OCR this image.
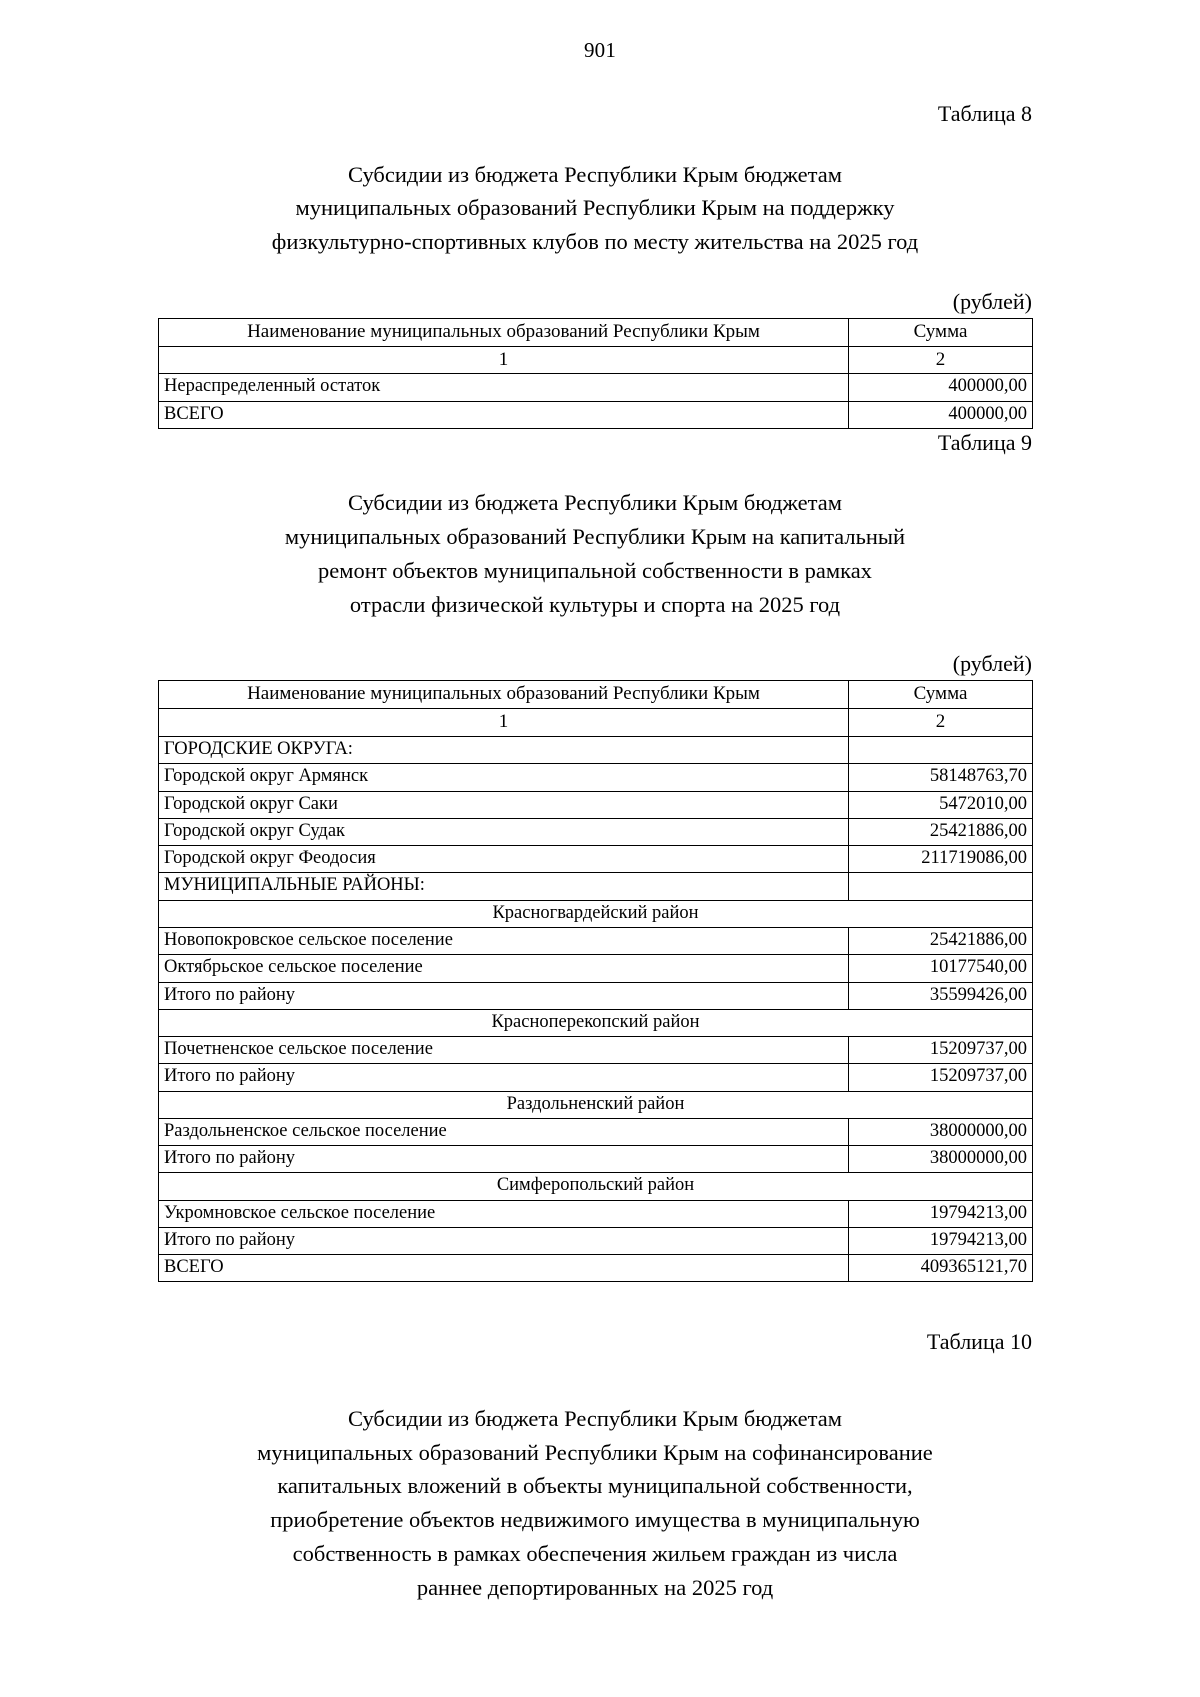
901
Таблица 8
Субсидии из бюджета Республики Крым бюджетам
муниципальных образований Республики Крым на поддержку
физкультурно-спортивных клубов по месту жительства на 2025 год
(рублей)
Наименование муниципальных образований Республики Крым	Сумма
1	2
Нераспределенный остаток	400000,00
ВСЕГО	400000,00
Таблица 9
Субсидии из бюджета Республики Крым бюджетам
муниципальных образований Республики Крым на капитальный
ремонт объектов муниципальной собственности в рамках
отрасли физической культуры и спорта на 2025 год
(рублей)
Наименование муниципальных образований Республики Крым	Сумма
1	2
ГОРОДСКИЕ ОКРУГА:	
Городской округ Армянск	58148763,70
Городской округ Саки	5472010,00
Городской округ Судак	25421886,00
Городской округ Феодосия	211719086,00
МУНИЦИПАЛЬНЫЕ РАЙОНЫ:	
Красногвардейский район	
Новопокровское сельское поселение	25421886,00
Октябрьское сельское поселение	10177540,00
Итого по району	35599426,00
Красноперекопский район	
Почетненское сельское поселение	15209737,00
Итого по району	15209737,00
Раздольненский район	
Раздольненское сельское поселение	38000000,00
Итого по району	38000000,00
Симферопольский район	
Укромновское сельское поселение	19794213,00
Итого по району	19794213,00
ВСЕГО	409365121,70
Таблица 10
Субсидии из бюджета Республики Крым бюджетам
муниципальных образований Республики Крым на софинансирование
капитальных вложений в объекты муниципальной собственности,
приобретение объектов недвижимого имущества в муниципальную
собственность в рамках обеспечения жильем граждан из числа
раннее депортированных на 2025 год
